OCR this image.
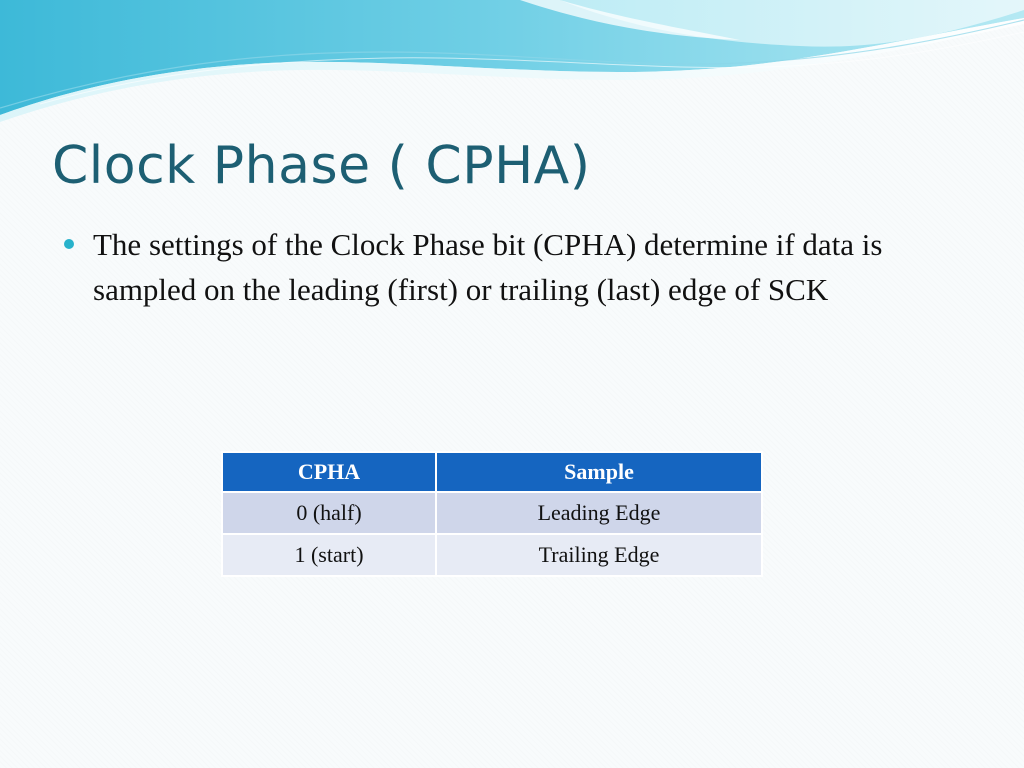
Clock Phase ( CPHA)
The settings of the Clock Phase bit (CPHA) determine if data is sampled on the leading (first) or trailing (last) edge of SCK
CPHA	Sample
0 (half)	Leading Edge
1 (start)	Trailing Edge
